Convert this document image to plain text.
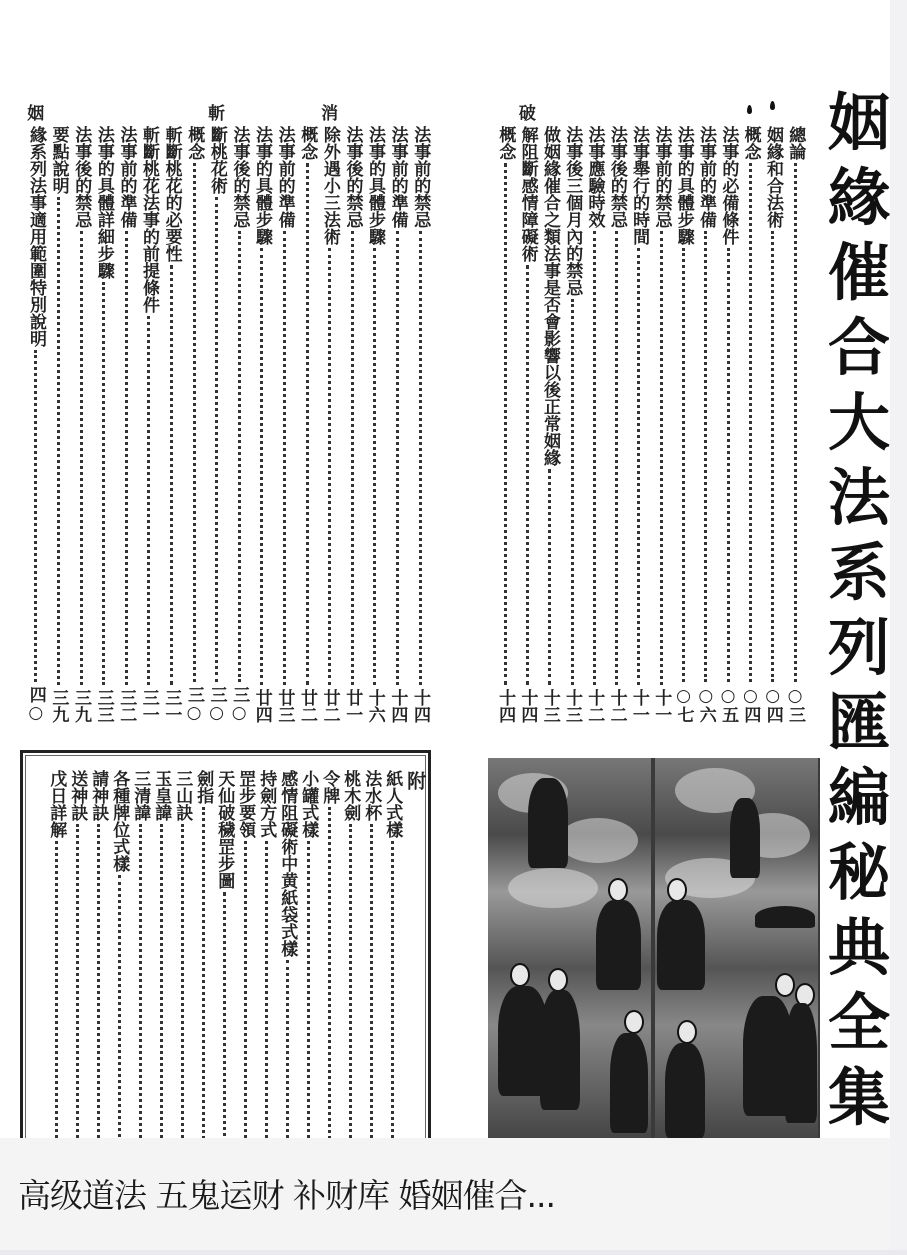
姻
緣
催
合
大
法
系
列
匯
編
秘
典
全
集
總論
○三
姻緣和合法術
○四
概念
○四
法事的必備條件
○五
法事前的準備
○六
法事的具體步驟
○七
法事前的禁忌
十一
法事舉行的時間
十一
法事後的禁忌
十二
法事應驗時效
十二
法事後三個月內的禁忌
十三
做姻緣催合之類法事是否會影響以後正常姻緣
十三
破
解阻斷感情障礙術
十四
概念
十四
法事前的禁忌
十四
法事前的準備
十四
法事的具體步驟
十六
法事後的禁忌
廿一
消
除外遇小三法術
廿二
概念
廿二
法事前的準備
廿三
法事的具體步驟
廿四
法事後的禁忌
三○
斬
斷桃花術
三○
概念
三○
斬斷桃花的必要性
三一
斬斷桃花法事的前提條件
三一
法事前的準備
三二
法事的具體詳細步驟
三三
法事後的禁忌
三九
要點說明
三九
姻
緣系列法事適用範圍特別說明
四○
附
紙人式樣
法水杯
桃木劍
令牌
小罐式樣
感情阻礙術中黄紙袋式樣
持劍方式
罡步要領
天仙破穢罡步圖
劍指
三山訣
玉皇諱
三清諱
各種牌位式樣
請神訣
送神訣
戊日詳解
高级道法 五鬼运财 补财库 婚姻催合...
